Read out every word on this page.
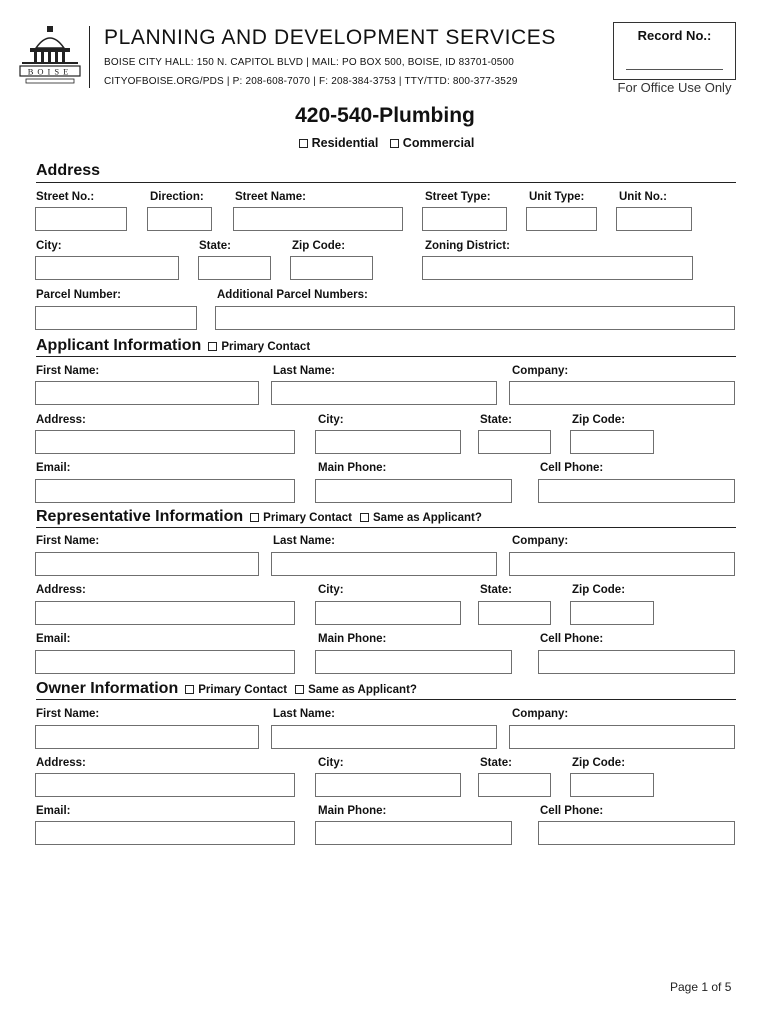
BOISE
PLANNING AND DEVELOPMENT SERVICES
BOISE CITY HALL: 150 N. CAPITOL BLVD | MAIL: PO BOX 500, BOISE, ID 83701-0500
CITYOFBOISE.ORG/PDS | P: 208-608-7070 | F: 208-384-3753 | TTY/TTD: 800-377-3529
Record No.:
For Office Use Only
420-540-Plumbing
Residential Commercial
Address
Street No.:	Direction:	Street Name:	Street Type:	Unit Type:	Unit No.:
City:	State:	Zip Code:	Zoning District:
Parcel Number:	Additional Parcel Numbers:
Applicant Information Primary Contact
First Name:	Last Name:	Company:
Address:	City:	State:	Zip Code:
Email:	Main Phone:	Cell Phone:
Representative Information Primary Contact Same as Applicant?
First Name:	Last Name:	Company:
Address:	City:	State:	Zip Code:
Email:	Main Phone:	Cell Phone:
Owner Information Primary Contact Same as Applicant?
First Name:	Last Name:	Company:
Address:	City:	State:	Zip Code:
Email:	Main Phone:	Cell Phone:
Page 1 of 5
